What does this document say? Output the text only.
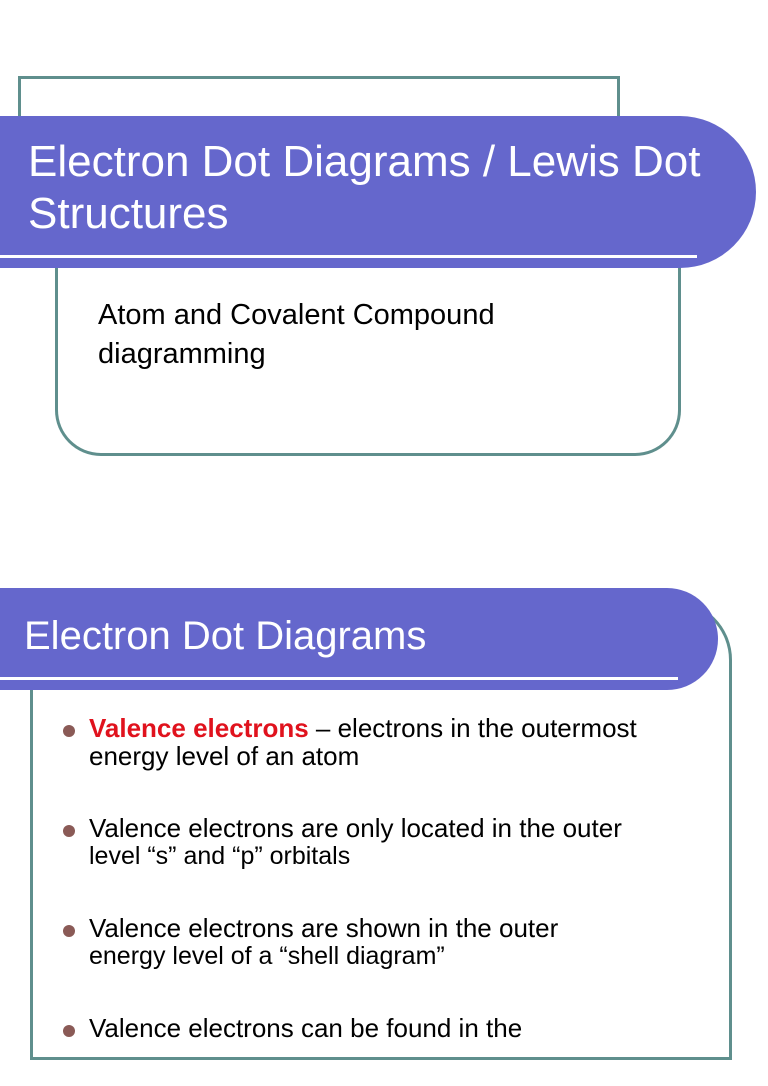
Electron Dot Diagrams / Lewis Dot Structures

Atom and Covalent Compound diagramming

Electron Dot Diagrams
Valence electrons – electrons in the outermost energy level of an atom
Valence electrons are only located in the outer
level “s” and “p” orbitals
Valence electrons are shown in the outer
energy level of a “shell diagram”
Valence electrons can be found in the
